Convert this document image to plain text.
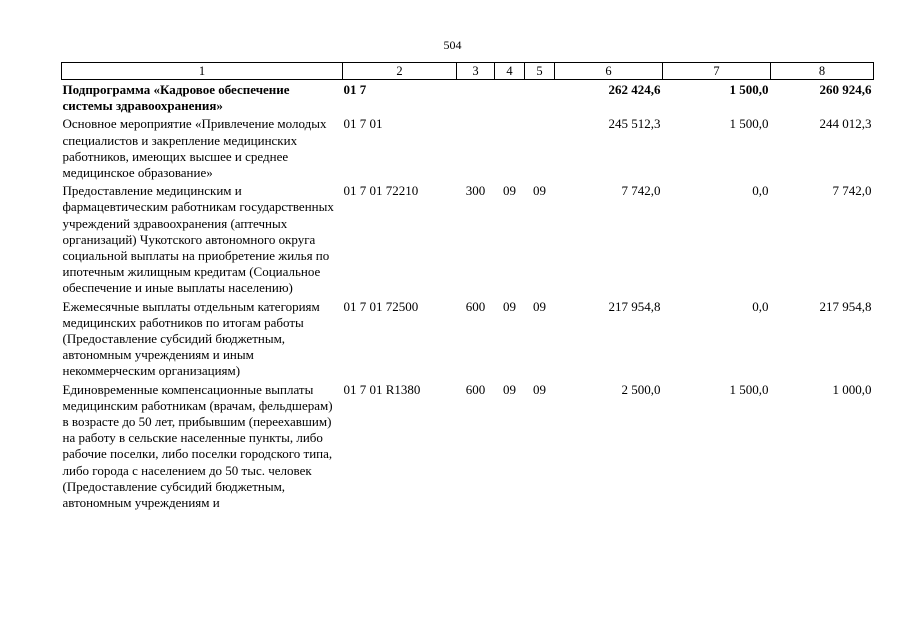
504
1	2	3	4	5	6	7	8
Подпрограмма «Кадровое обеспечение системы здравоохранения»	01 7				262 424,6	1 500,0	260 924,6
Основное мероприятие «Привлечение молодых специалистов и закрепление медицинских работников, имеющих высшее и среднее медицинское образование»	01 7 01				245 512,3	1 500,0	244 012,3
Предоставление медицинским и фармацевтическим работникам государственных учреждений здравоохранения (аптечных организаций) Чукотского автономного округа социальной выплаты на приобретение жилья по ипотечным жилищным кредитам (Социальное обеспечение и иные выплаты населению)	01 7 01 72210	300	09	09	7 742,0	0,0	7 742,0
Ежемесячные выплаты отдельным категориям медицинских работников по итогам работы (Предоставление субсидий бюджетным, автономным учреждениям и иным некоммерческим организациям)	01 7 01 72500	600	09	09	217 954,8	0,0	217 954,8
Единовременные компенсационные выплаты медицинским работникам (врачам, фельдшерам) в возрасте до 50 лет, прибывшим (переехавшим) на работу в сельские населенные пункты, либо рабочие поселки, либо поселки городского типа, либо города с населением до 50 тыс. человек (Предоставление субсидий бюджетным, автономным учреждениям и	01 7 01 R1380	600	09	09	2 500,0	1 500,0	1 000,0
